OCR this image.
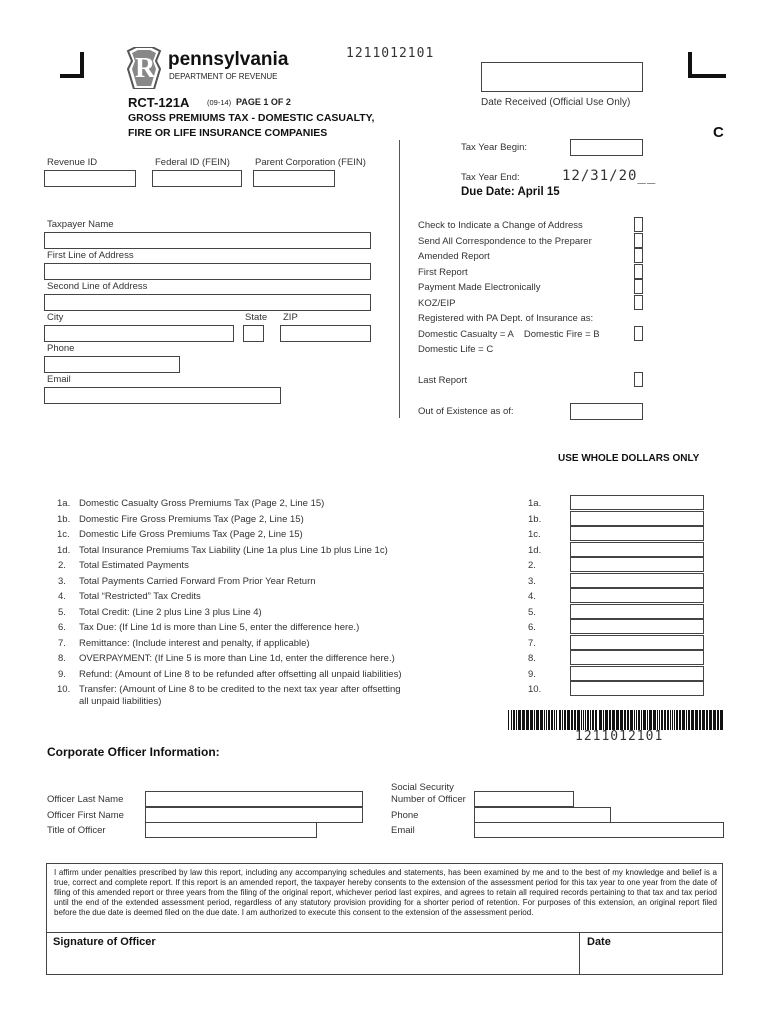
R pennsylvania
DEPARTMENT OF REVENUE
1211012101
Date Received (Official Use Only)
RCT-121A (09-14) PAGE 1 OF 2
GROSS PREMIUMS TAX - DOMESTIC CASUALTY,
FIRE OR LIFE INSURANCE COMPANIES	C
Revenue ID	Federal ID (FEIN)	Parent Corporation (FEIN)
Tax Year Begin:
Tax Year End:	12/31/20__
Due Date: April 15
Taxpayer Name
First Line of Address
Second Line of Address
City	State ZIP
Phone
Email
Check to Indicate a Change of Address
Send All Correspondence to the Preparer
Amended Report
First Report
Payment Made Electronically
KOZ/EIP
Registered with PA Dept. of Insurance as:
Domestic Casualty = A    Domestic Fire = B
Domestic Life = C
Last Report
Out of Existence as of:
USE WHOLE DOLLARS ONLY
1a. Domestic Casualty Gross Premiums Tax (Page 2, Line 15)	1a.
1b. Domestic Fire Gross Premiums Tax (Page 2, Line 15)	1b.
1c. Domestic Life Gross Premiums Tax (Page 2, Line 15)	1c.
1d. Total Insurance Premiums Tax Liability (Line 1a plus Line 1b plus Line 1c)	1d.
2. Total Estimated Payments	2.
3. Total Payments Carried Forward From Prior Year Return	3.
4. Total “Restricted” Tax Credits	4.
5. Total Credit: (Line 2 plus Line 3 plus Line 4)	5.
6. Tax Due: (If Line 1d is more than Line 5, enter the difference here.)	6.
7. Remittance: (Include interest and penalty, if applicable)	7.
8. OVERPAYMENT: (If Line 5 is more than Line 1d, enter the difference here.)	8.
9. Refund: (Amount of Line 8 to be refunded after offsetting all unpaid liabilities)	9.
10. Transfer: (Amount of Line 8 to be credited to the next tax year after offsetting
all unpaid liabilities)
10.
1211012101
Corporate Officer Information:
Officer Last Name
Officer First Name
Title of Officer
Social Security
Number of Officer
Phone
Email
I affirm under penalties prescribed by law this report, including any accompanying schedules and statements, has been examined by me and to the best of my knowledge and belief is a true, correct and complete report. If this report is an amended report, the taxpayer hereby consents to the extension of the assessment period for this tax year to one year from the date of filing of this amended report or three years from the filing of the original report, whichever period last expires, and agrees to retain all required records pertaining to that tax and tax period until the end of the extended assessment period, regardless of any statutory provision providing for a shorter period of retention. For purposes of this extension, an original report filed before the due date is deemed filed on the due date. I am authorized to execute this consent to the extension of the assessment period.
Signature of Officer	Date
